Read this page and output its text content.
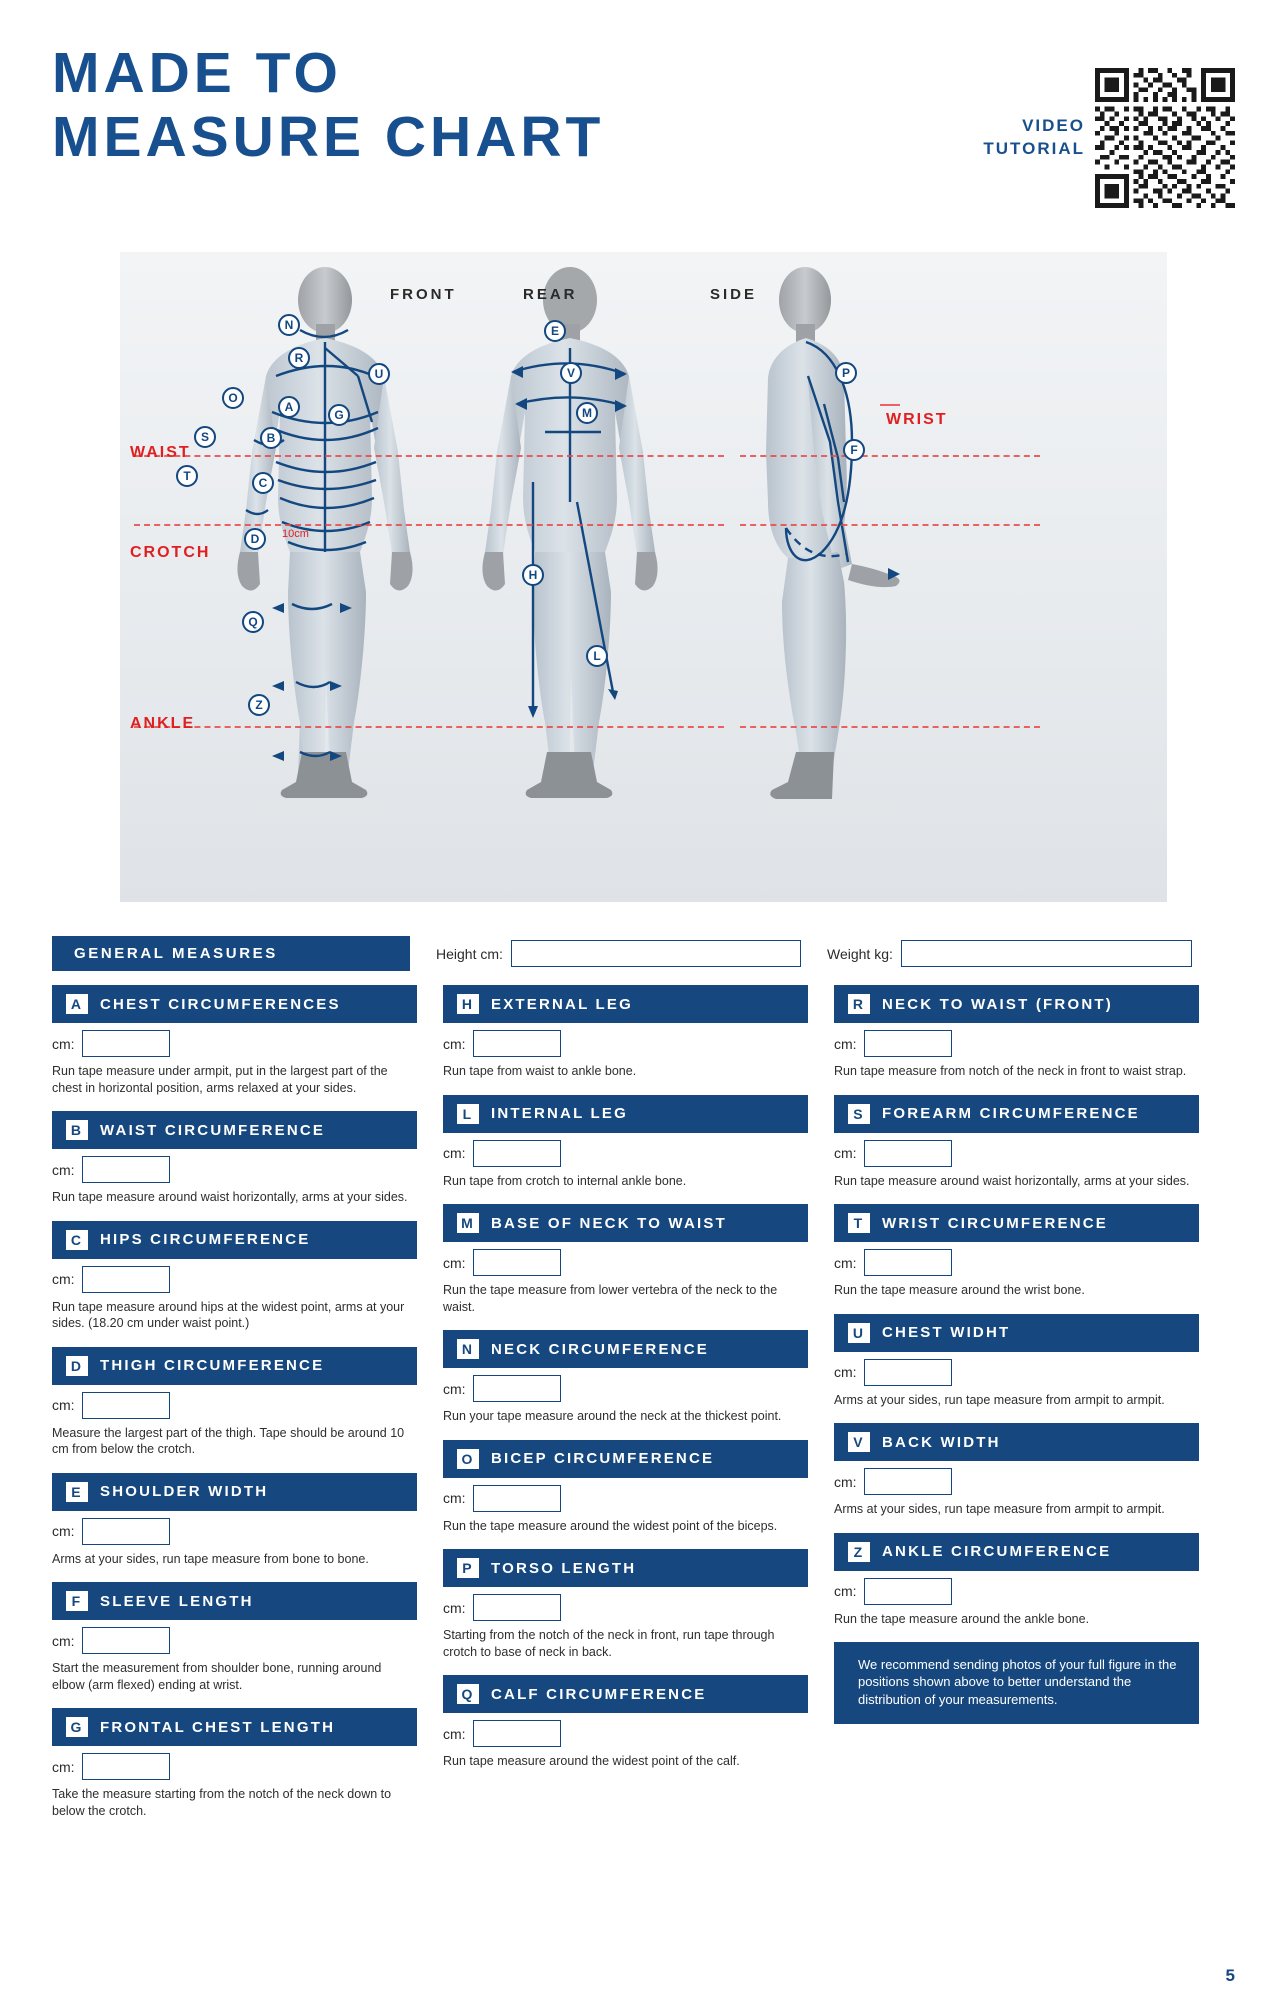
MADE TO
MEASURE CHART	VIDEO
TUTORIAL
FRONT	REAR	SIDE
WAIST
CROTCH
ANKLE
WRIST
10cm
N
R
U
O
A
G
S	B
T	C
D
Q
Z
E
V
M
H
L
P
F
GENERAL MEASURES	Height cm:	Weight kg:
A	CHEST CIRCUMFERENCES
cm:
Run tape measure under armpit, put in the largest part of the chest in horizontal position, arms relaxed at your sides.
B	WAIST CIRCUMFERENCE
cm:
Run tape measure around waist horizontally, arms at your sides.
C	HIPS CIRCUMFERENCE
cm:
Run tape measure around hips at the widest point, arms at your sides. (18.20 cm under waist point.)
D	THIGH CIRCUMFERENCE
cm:
Measure the largest part of the thigh. Tape should be around 10 cm from below the crotch.
E	SHOULDER WIDTH
cm:
Arms at your sides, run tape measure from bone to bone.
F	SLEEVE LENGTH
cm:
Start the measurement from shoulder bone, running around elbow (arm flexed) ending at wrist.
G FRONTAL CHEST LENGTH
cm:
Take the measure starting from the notch of the neck down to below the crotch.
H	EXTERNAL LEG
cm:
Run tape from waist to ankle bone.
L	INTERNAL LEG
cm:
Run tape from crotch to internal ankle bone.
M BASE OF NECK TO WAIST
cm:
Run the tape measure from lower vertebra of the neck to the waist.
N	NECK CIRCUMFERENCE
cm:
Run your tape measure around the neck at the thickest point.
O BICEP CIRCUMFERENCE
cm:
Run the tape measure around the widest point of the biceps.
P	TORSO LENGTH
cm:
Starting from the notch of the neck in front, run tape through crotch to base of neck in back.
Q CALF CIRCUMFERENCE
cm:
Run tape measure around the widest point of the calf.
R	NECK TO WAIST (FRONT)
cm:
Run tape measure from notch of the neck in front to waist strap.
S	FOREARM CIRCUMFERENCE
cm:
Run tape measure around waist horizontally, arms at your sides.
T	WRIST CIRCUMFERENCE
cm:
Run the tape measure around the wrist bone.
U	CHEST WIDHT
cm:
Arms at your sides, run tape measure from armpit to armpit.
V	BACK WIDTH
cm:
Arms at your sides, run tape measure from armpit to armpit.
Z	ANKLE CIRCUMFERENCE
cm:
Run the tape measure around the ankle bone.
We recommend sending photos of your full figure in the positions shown above to better understand the distribution of your measurements.
5
